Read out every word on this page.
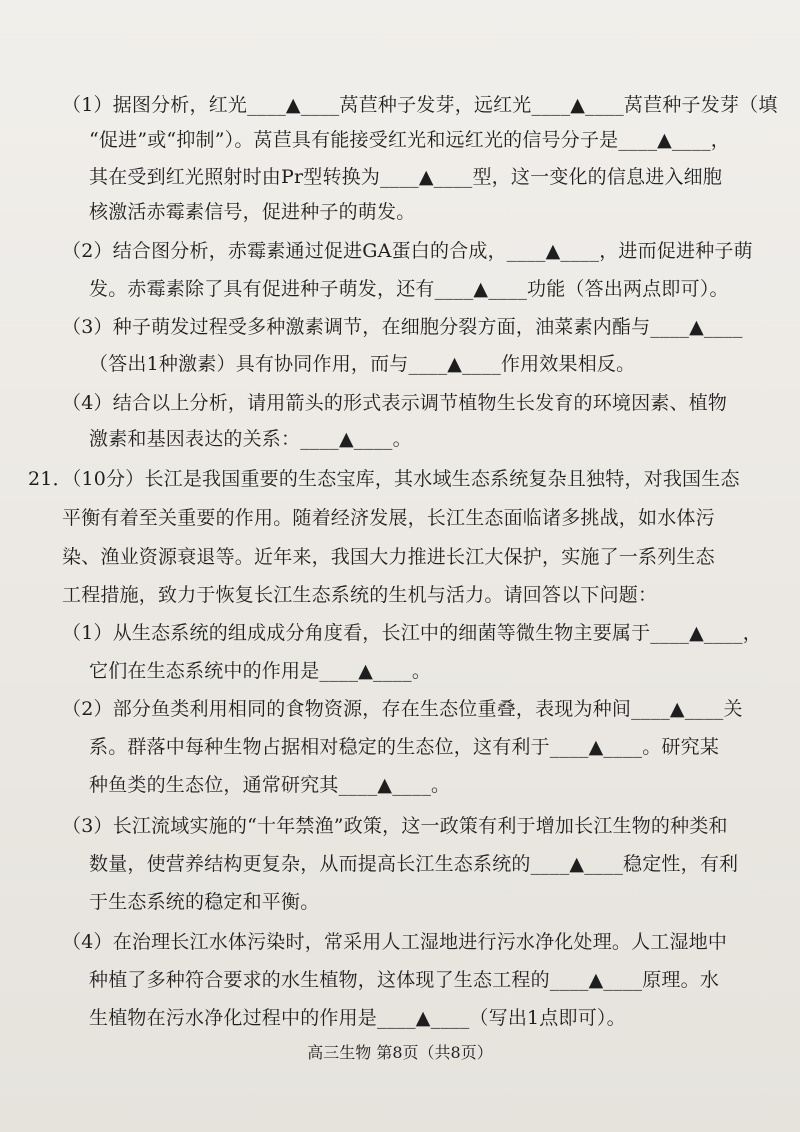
（1）据图分析，红光____▲____莴苣种子发芽，远红光____▲____莴苣种子发芽（填
“促进”或“抑制”）。莴苣具有能接受红光和远红光的信号分子是____▲____，
其在受到红光照射时由Pr型转换为____▲____型，这一变化的信息进入细胞
核激活赤霉素信号，促进种子的萌发。
（2）结合图分析，赤霉素通过促进GA蛋白的合成，____▲____，进而促进种子萌
发。赤霉素除了具有促进种子萌发，还有____▲____功能（答出两点即可）。
（3）种子萌发过程受多种激素调节，在细胞分裂方面，油菜素内酯与____▲____
（答出1种激素）具有协同作用，而与____▲____作用效果相反。
（4）结合以上分析，请用箭头的形式表示调节植物生长发育的环境因素、植物
激素和基因表达的关系：____▲____。
21．（10分）长江是我国重要的生态宝库，其水域生态系统复杂且独特，对我国生态
平衡有着至关重要的作用。随着经济发展，长江生态面临诸多挑战，如水体污
染、渔业资源衰退等。近年来，我国大力推进长江大保护，实施了一系列生态
工程措施，致力于恢复长江生态系统的生机与活力。请回答以下问题：
（1）从生态系统的组成成分角度看，长江中的细菌等微生物主要属于____▲____，
它们在生态系统中的作用是____▲____。
（2）部分鱼类利用相同的食物资源，存在生态位重叠，表现为种间____▲____关
系。群落中每种生物占据相对稳定的生态位，这有利于____▲____。研究某
种鱼类的生态位，通常研究其____▲____。
（3）长江流域实施的“十年禁渔”政策，这一政策有利于增加长江生物的种类和
数量，使营养结构更复杂，从而提高长江生态系统的____▲____稳定性，有利
于生态系统的稳定和平衡。
（4）在治理长江水体污染时，常采用人工湿地进行污水净化处理。人工湿地中
种植了多种符合要求的水生植物，这体现了生态工程的____▲____原理。水
生植物在污水净化过程中的作用是____▲____（写出1点即可）。
高三生物 第8页（共8页）
